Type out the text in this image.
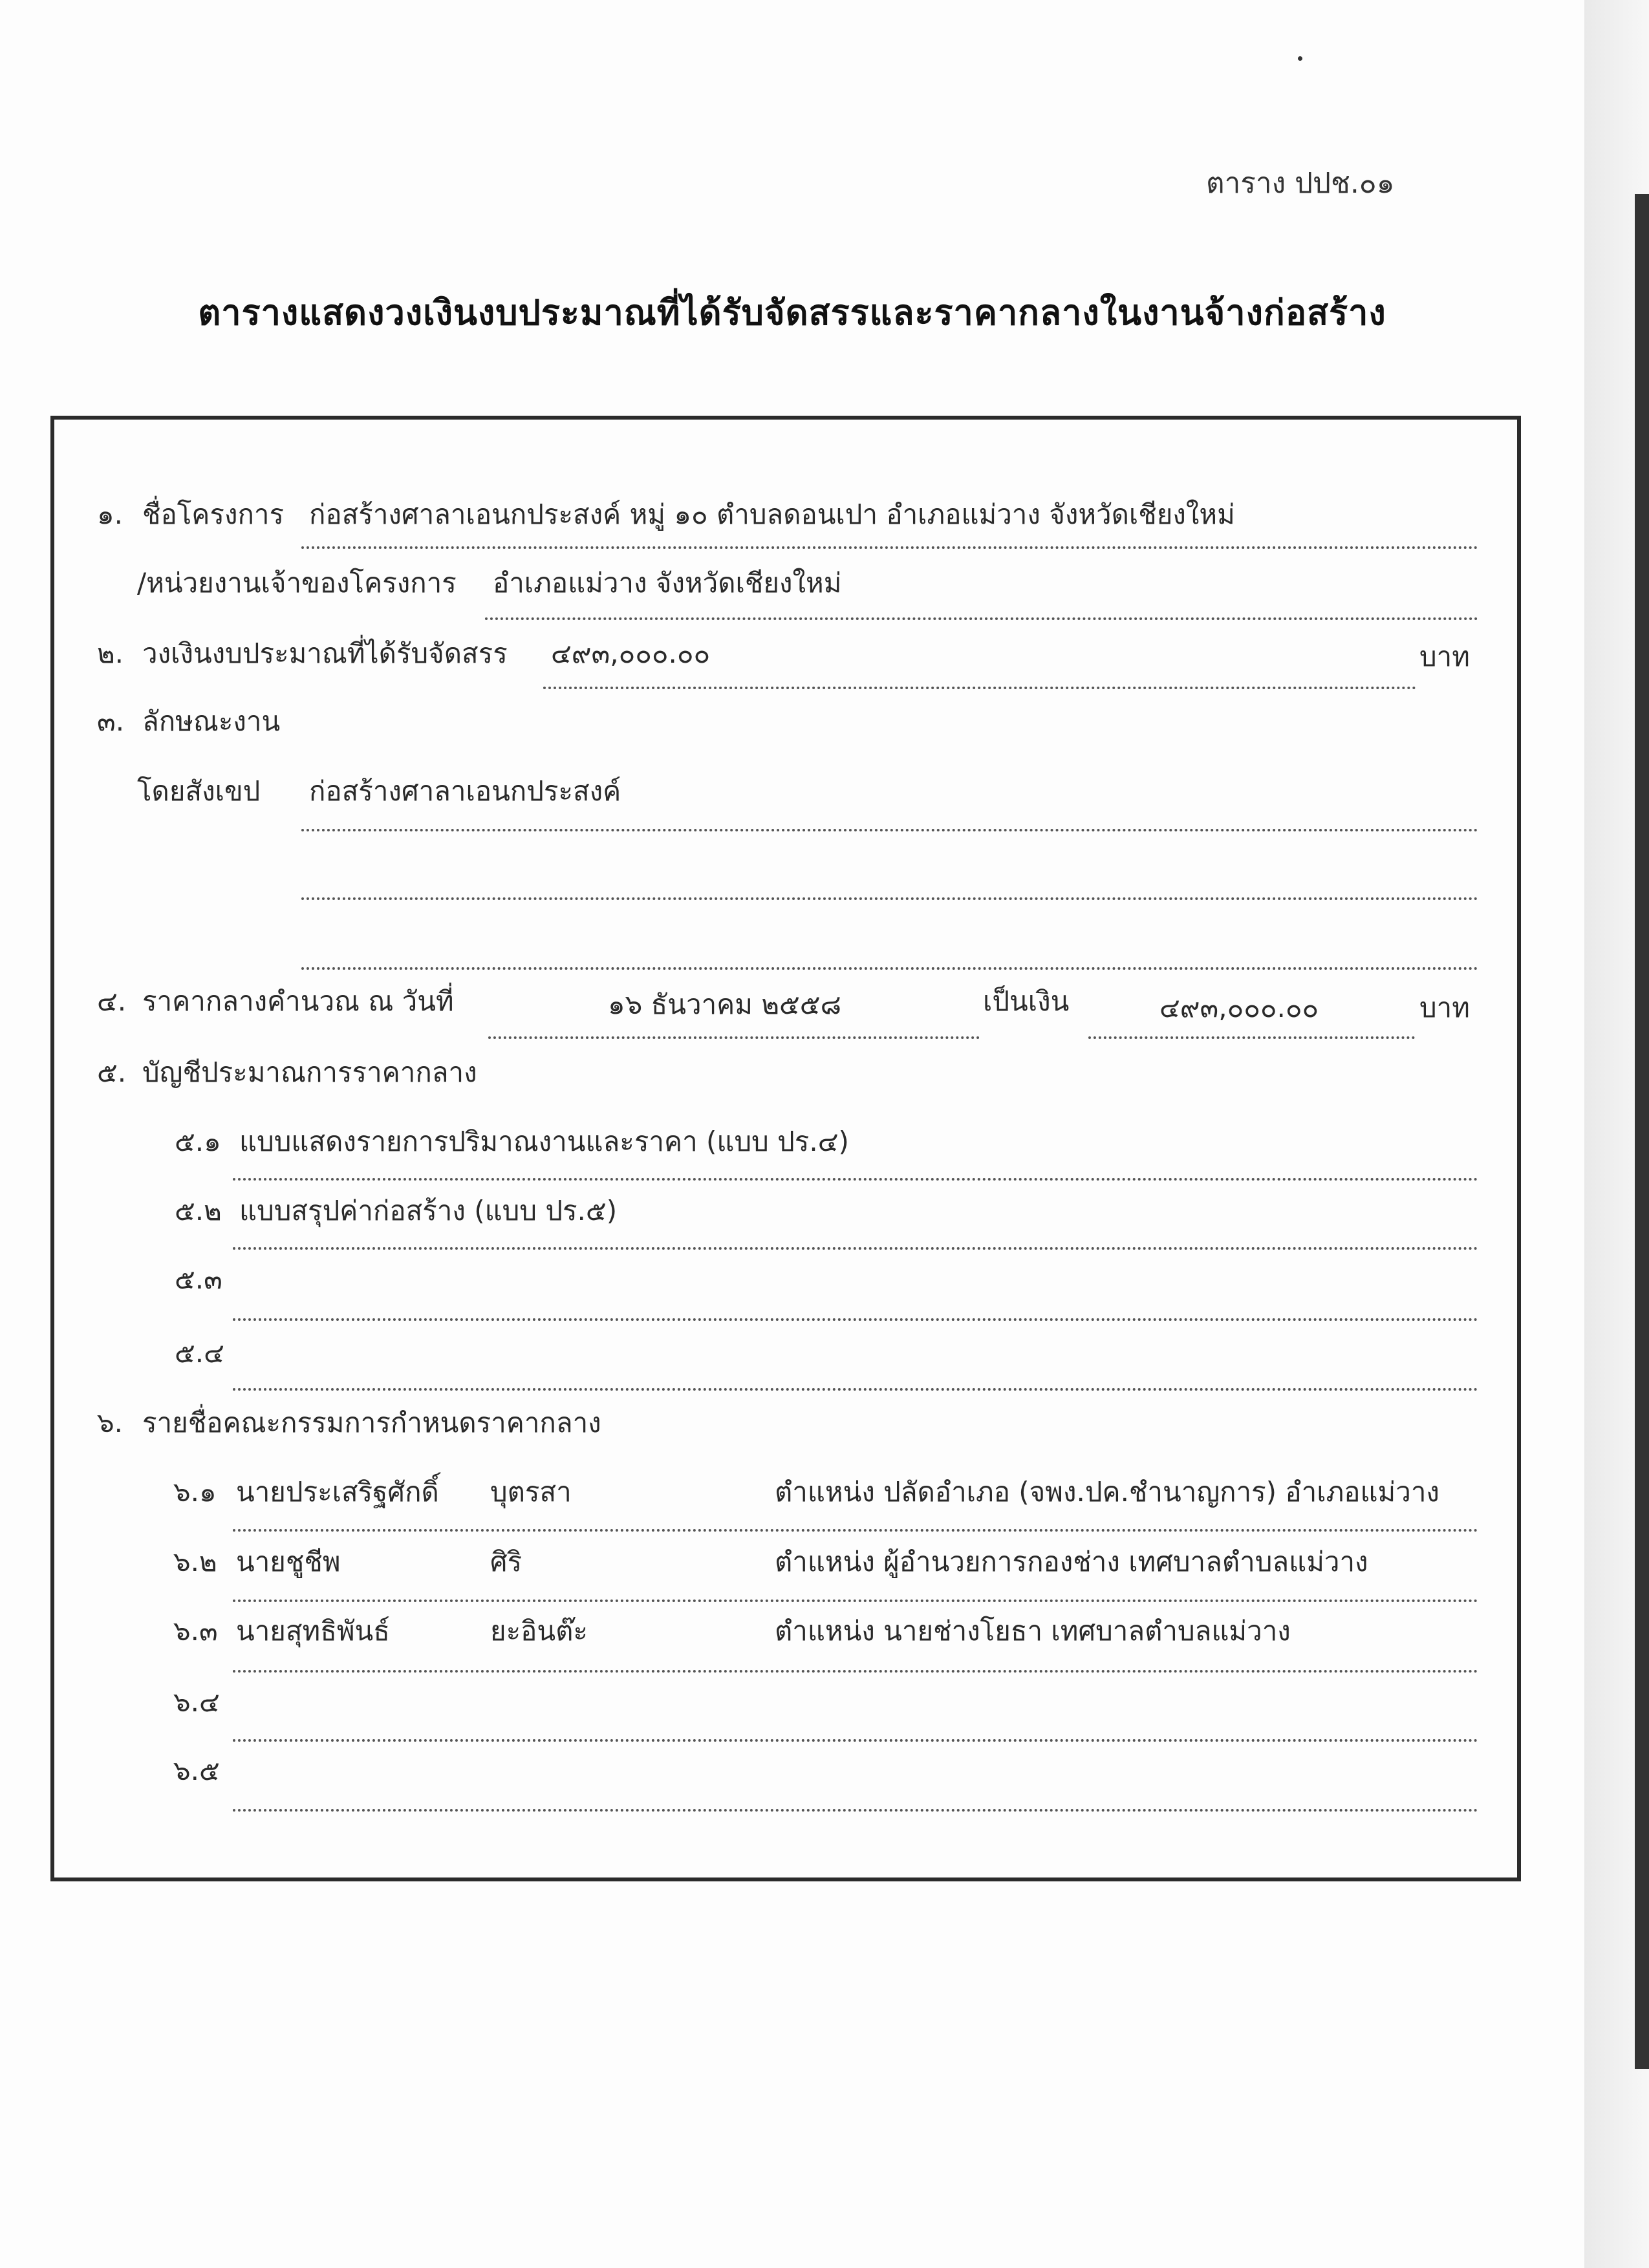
ตาราง ปปช.๐๑
ตารางแสดงวงเงินงบประมาณที่ได้รับจัดสรรและราคากลางในงานจ้างก่อสร้าง
๑. ชื่อโครงการ ก่อสร้างศาลาเอนกประสงค์ หมู่ ๑๐ ตำบลดอนเปา อำเภอแม่วาง จังหวัดเชียงใหม่
/หน่วยงานเจ้าของโครงการ อำเภอแม่วาง จังหวัดเชียงใหม่
๒. วงเงินงบประมาณที่ได้รับจัดสรร ๔๙๓,๐๐๐.๐๐	บาท
๓. ลักษณะงาน
โดยสังเขป ก่อสร้างศาลาเอนกประสงค์
๔. ราคากลางคำนวณ ณ วันที่	๑๖ ธันวาคม ๒๕๕๘	เป็นเงิน	๔๙๓,๐๐๐.๐๐	บาท
๕. บัญชีประมาณการราคากลาง
๕.๑ แบบแสดงรายการปริมาณงานและราคา (แบบ ปร.๔)
๕.๒ แบบสรุปค่าก่อสร้าง (แบบ ปร.๕)
๕.๓
๕.๔
๖. รายชื่อคณะกรรมการกำหนดราคากลาง
๖.๑ นายประเสริฐศักดิ์ บุตรสา	ตำแหน่ง ปลัดอำเภอ (จพง.ปค.ชำนาญการ) อำเภอแม่วาง
๖.๒ นายชูชีพ	ศิริ	ตำแหน่ง ผู้อำนวยการกองช่าง เทศบาลตำบลแม่วาง
๖.๓ นายสุทธิพันธ์	ยะอินต๊ะ	ตำแหน่ง นายช่างโยธา เทศบาลตำบลแม่วาง
๖.๔
๖.๕
